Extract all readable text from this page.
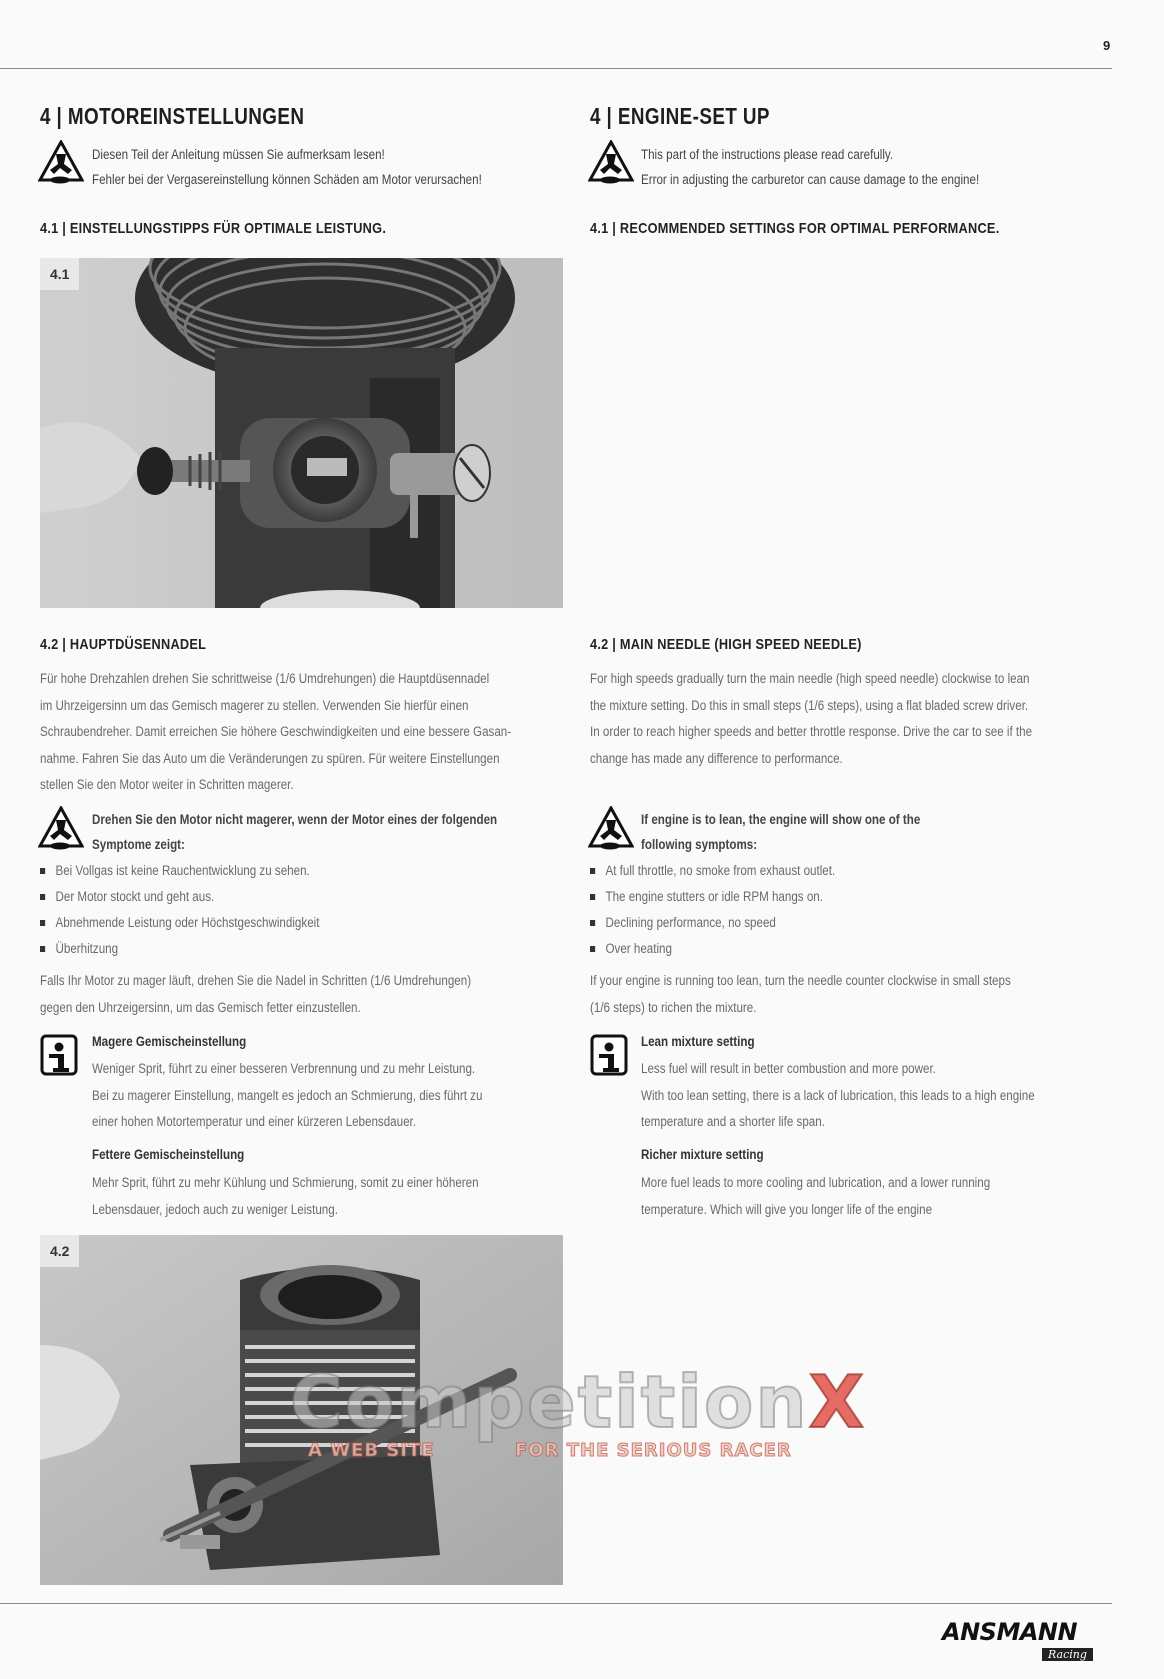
9
4 | MOTOREINSTELLUNGEN
Diesen Teil der Anleitung müssen Sie aufmerksam lesen!
Fehler bei der Vergasereinstellung können Schäden am Motor verursachen!
4.1 | EINSTELLUNGSTIPPS FÜR OPTIMALE LEISTUNG.
4.1
4.2 | HAUPTDÜSENNADEL
Für hohe Drehzahlen drehen Sie schrittweise (1/6 Umdrehungen) die Hauptdüsennadel
im Uhrzeigersinn um das Gemisch magerer zu stellen. Verwenden Sie hierfür einen
Schraubendreher. Damit erreichen Sie höhere Geschwindigkeiten und eine bessere Gasan-
nahme. Fahren Sie das Auto um die Veränderungen zu spüren. Für weitere Einstellungen
stellen Sie den Motor weiter in Schritten magerer.
Drehen Sie den Motor nicht magerer, wenn der Motor eines der folgenden
Symptome zeigt:
Bei Vollgas ist keine Rauchentwicklung zu sehen.
Der Motor stockt und geht aus.
Abnehmende Leistung oder Höchstgeschwindigkeit
Überhitzung
Falls Ihr Motor zu mager läuft, drehen Sie die Nadel in Schritten (1/6 Umdrehungen)
gegen den Uhrzeigersinn, um das Gemisch fetter einzustellen.
Magere Gemischeinstellung
Weniger Sprit, führt zu einer besseren Verbrennung und zu mehr Leistung.
Bei zu magerer Einstellung, mangelt es jedoch an Schmierung, dies führt zu
einer hohen Motortemperatur und einer kürzeren Lebensdauer.
Fettere Gemischeinstellung
Mehr Sprit, führt zu mehr Kühlung und Schmierung, somit zu einer höheren
Lebensdauer, jedoch auch zu weniger Leistung.
4.2
4 | ENGINE-SET UP
This part of the instructions please read carefully.
Error in adjusting the carburetor can cause damage to the engine!
4.1 | RECOMMENDED SETTINGS FOR OPTIMAL PERFORMANCE.
4.2 | MAIN NEEDLE (HIGH SPEED NEEDLE)
For high speeds gradually turn the main needle (high speed needle) clockwise to lean
the mixture setting. Do this in small steps (1/6 steps), using a flat bladed screw driver.
In order to reach higher speeds and better throttle response. Drive the car to see if the
change has made any difference to performance.
If engine is to lean, the engine will show one of the
following symptoms:
At full throttle, no smoke from exhaust outlet.
The engine stutters or idle RPM hangs on.
Declining performance, no speed
Over heating
If your engine is running too lean, turn the needle counter clockwise in small steps
(1/6 steps) to richen the mixture.
Lean mixture setting
Less fuel will result in better combustion and more power.
With too lean setting, there is a lack of lubrication, this leads to a high engine
temperature and a shorter life span.
Richer mixture setting
More fuel leads to more cooling and lubrication, and a lower running
temperature. Which will give you longer life of the engine
CompetitionX
A WEB SITE	FOR THE SERIOUS RACER
ANSMANN
Racing
